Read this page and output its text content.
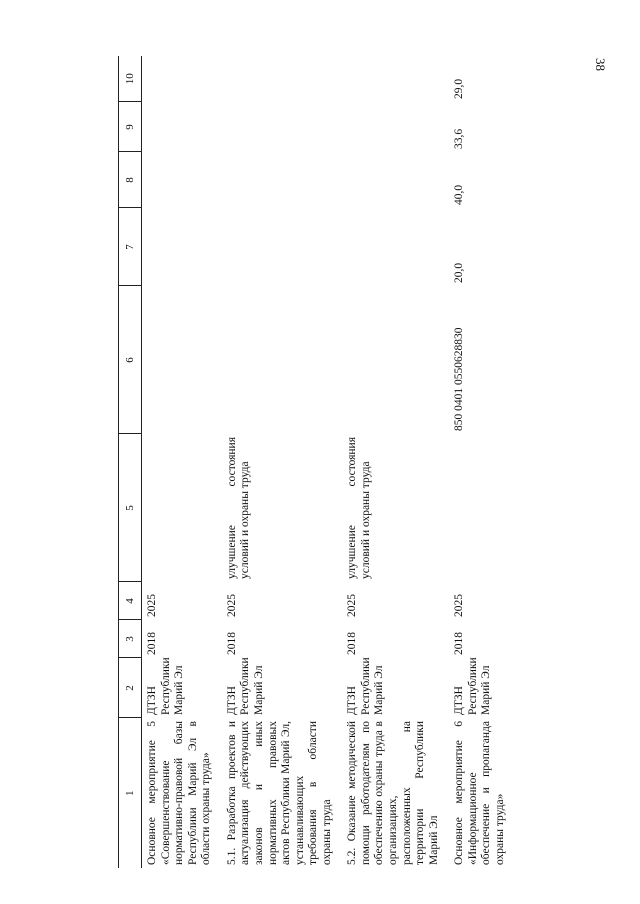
38
1	2	3	4	5	6	7	8	9	10
Основное мероприятие 5 «Совершенствование нормативно-правовой базы Республики Марий Эл в области охраны труда»	ДТЗН Республики Марий Эл	2018	2025						
5.1. Разработка проектов и актуализация действующих законов и иных нормативных правовых актов Республики Марий Эл, устанавливающих требования в области охраны труда	ДТЗН Республики Марий Эл	2018	2025	улучшение состояния условий и охраны труда					
5.2. Оказание методической помощи работодателям по обеспечению охраны труда в организациях, расположенных на территории Республики Марий Эл	ДТЗН Республики Марий Эл	2018	2025	улучшение состояния условий и охраны труда					
Основное мероприятие 6 «Информационное обеспечение и пропаганда охраны труда»	ДТЗН Республики Марий Эл	2018	2025		850 0401 0550628830	20,0	40,0	33,6	29,0
